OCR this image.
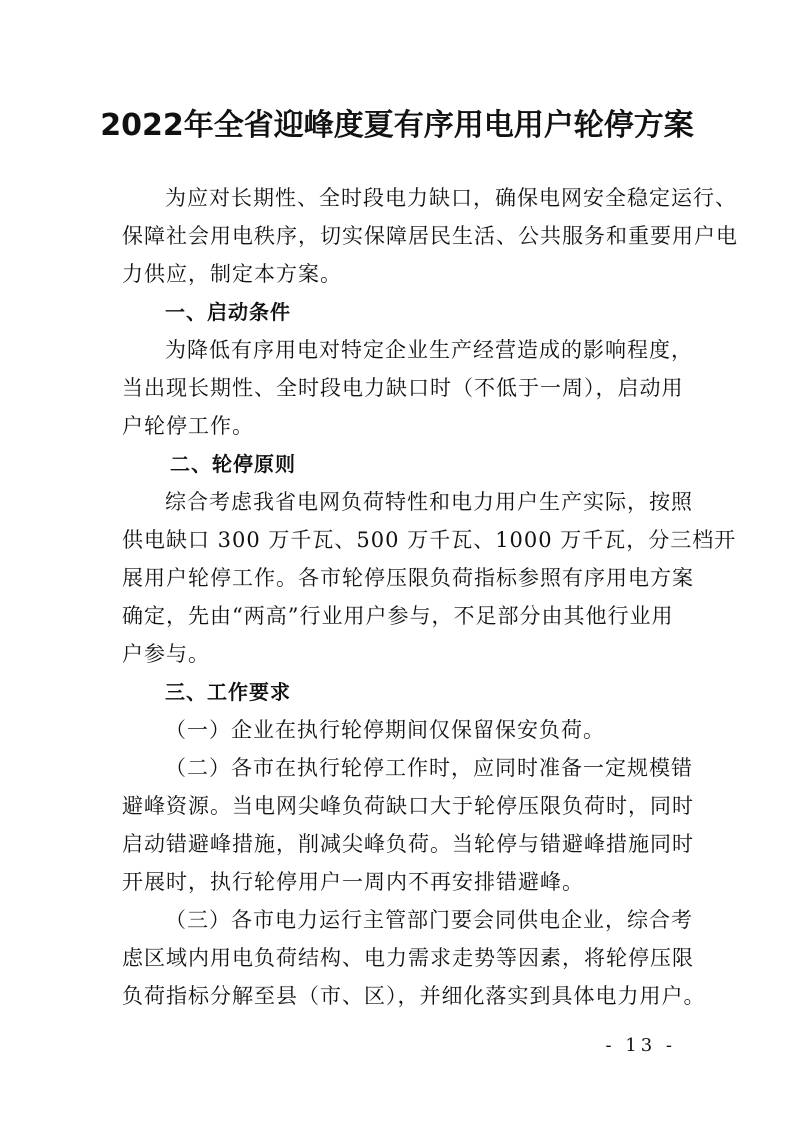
2022年全省迎峰度夏有序用电用户轮停方案
为应对长期性、全时段电力缺口，确保电网安全稳定运行、
保障社会用电秩序，切实保障居民生活、公共服务和重要用户电
力供应，制定本方案。
一、启动条件
为降低有序用电对特定企业生产经营造成的影响程度，
当出现长期性、全时段电力缺口时（不低于一周），启动用
户轮停工作。
二、轮停原则
综合考虑我省电网负荷特性和电力用户生产实际，按照
供电缺口 300 万千瓦、500 万千瓦、1000 万千瓦，分三档开
展用户轮停工作。各市轮停压限负荷指标参照有序用电方案
确定，先由“两高”行业用户参与，不足部分由其他行业用
户参与。
三、工作要求
（一）企业在执行轮停期间仅保留保安负荷。
（二）各市在执行轮停工作时，应同时准备一定规模错
避峰资源。当电网尖峰负荷缺口大于轮停压限负荷时，同时
启动错避峰措施，削减尖峰负荷。当轮停与错避峰措施同时
开展时，执行轮停用户一周内不再安排错避峰。
（三）各市电力运行主管部门要会同供电企业，综合考
虑区域内用电负荷结构、电力需求走势等因素，将轮停压限
负荷指标分解至县（市、区），并细化落实到具体电力用户。
- 13 -
